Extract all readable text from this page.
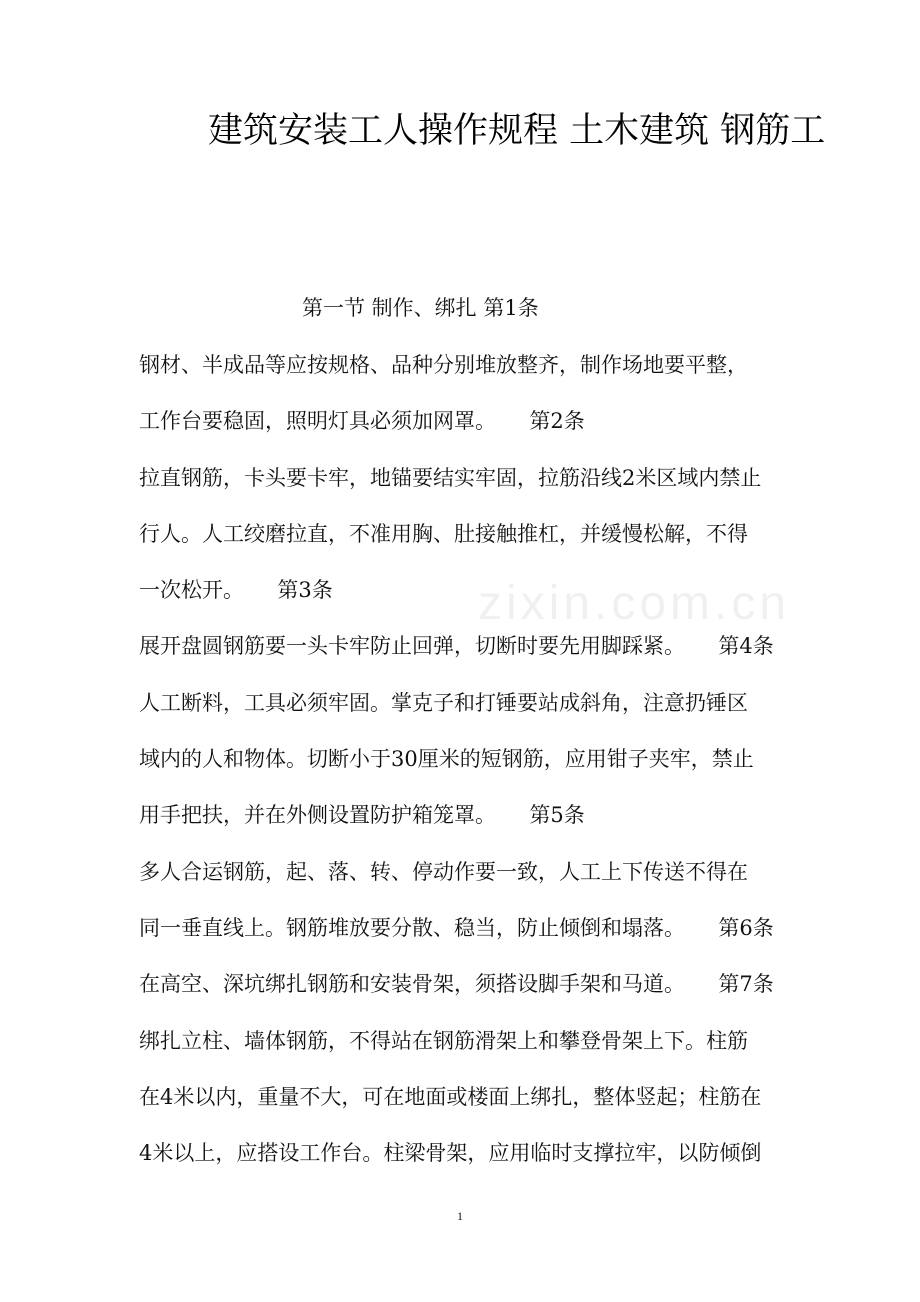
建筑安装工人操作规程 土木建筑 钢筋工
第一节 制作、绑扎 第1条
钢材、半成品等应按规格、品种分别堆放整齐，制作场地要平整，
工作台要稳固，照明灯具必须加网罩。     第2条
拉直钢筋，卡头要卡牢，地锚要结实牢固，拉筋沿线2米区域内禁止
行人。人工绞磨拉直，不准用胸、肚接触推杠，并缓慢松解，不得
一次松开。     第3条
展开盘圆钢筋要一头卡牢防止回弹，切断时要先用脚踩紧。     第4条
人工断料，工具必须牢固。掌克子和打锤要站成斜角，注意扔锤区
域内的人和物体。切断小于30厘米的短钢筋，应用钳子夹牢，禁止
用手把扶，并在外侧设置防护箱笼罩。     第5条
多人合运钢筋，起、落、转、停动作要一致，人工上下传送不得在
同一垂直线上。钢筋堆放要分散、稳当，防止倾倒和塌落。     第6条
在高空、深坑绑扎钢筋和安装骨架，须搭设脚手架和马道。     第7条
绑扎立柱、墙体钢筋，不得站在钢筋滑架上和攀登骨架上下。柱筋
在4米以内，重量不大，可在地面或楼面上绑扎，整体竖起；柱筋在
4米以上，应搭设工作台。柱梁骨架，应用临时支撑拉牢，以防倾倒
zixin.com.cn
1
